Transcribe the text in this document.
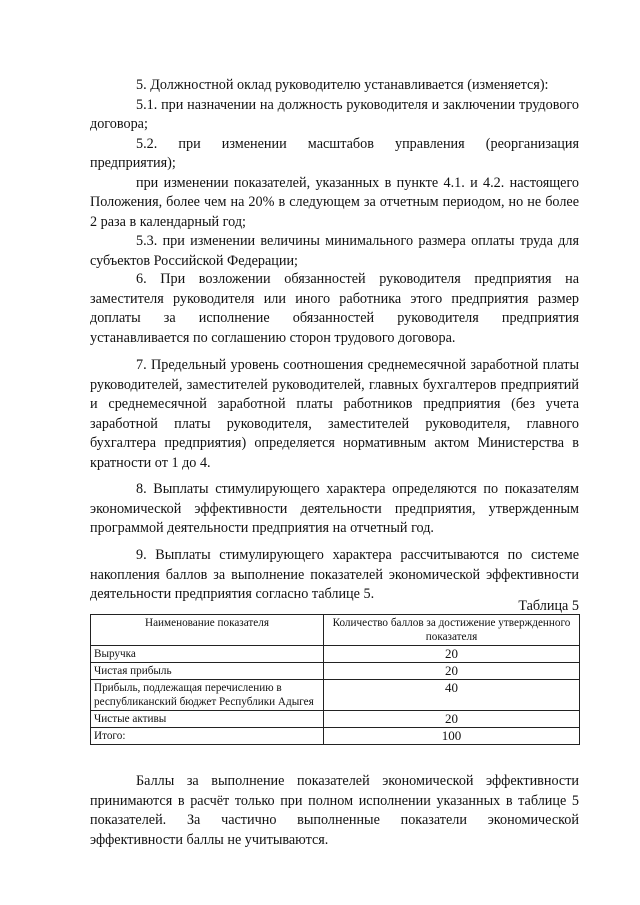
5. Должностной оклад руководителю устанавливается (изменяется):

5.1. при назначении на должность руководителя и заключении трудового договора;

5.2. при изменении масштабов управления (реорганизация предприятия);

при изменении показателей, указанных в пункте 4.1. и 4.2. настоящего Положения, более чем на 20% в следующем за отчетным периодом, но не более 2 раза в календарный год;

5.3. при изменении величины минимального размера оплаты труда для субъектов Российской Федерации;

6. При возложении обязанностей руководителя предприятия на заместителя руководителя или иного работника этого предприятия размер доплаты за исполнение обязанностей руководителя предприятия устанавливается по соглашению сторон трудового договора.

7. Предельный уровень соотношения среднемесячной заработной платы руководителей, заместителей руководителей, главных бухгалтеров предприятий и среднемесячной заработной платы работников предприятия (без учета заработной платы руководителя, заместителей руководителя, главного бухгалтера предприятия) определяется нормативным актом Министерства в кратности от 1 до 4.

8. Выплаты стимулирующего характера определяются по показателям экономической эффективности деятельности предприятия, утвержденным программой деятельности предприятия на отчетный год.

9. Выплаты стимулирующего характера рассчитываются по системе накопления баллов за выполнение показателей экономической эффективности деятельности предприятия согласно таблице 5.

Таблица 5
Наименование показателя	Количество баллов за достижение утвержденного показателя
Выручка	20
Чистая прибыль	20
Прибыль, подлежащая перечислению в республиканский бюджет Республики Адыгея	40
Чистые активы	20
Итого:	100

Баллы за выполнение показателей экономической эффективности принимаются в расчёт только при полном исполнении указанных в таблице 5 показателей. За частично выполненные показатели экономической эффективности баллы не учитываются.
